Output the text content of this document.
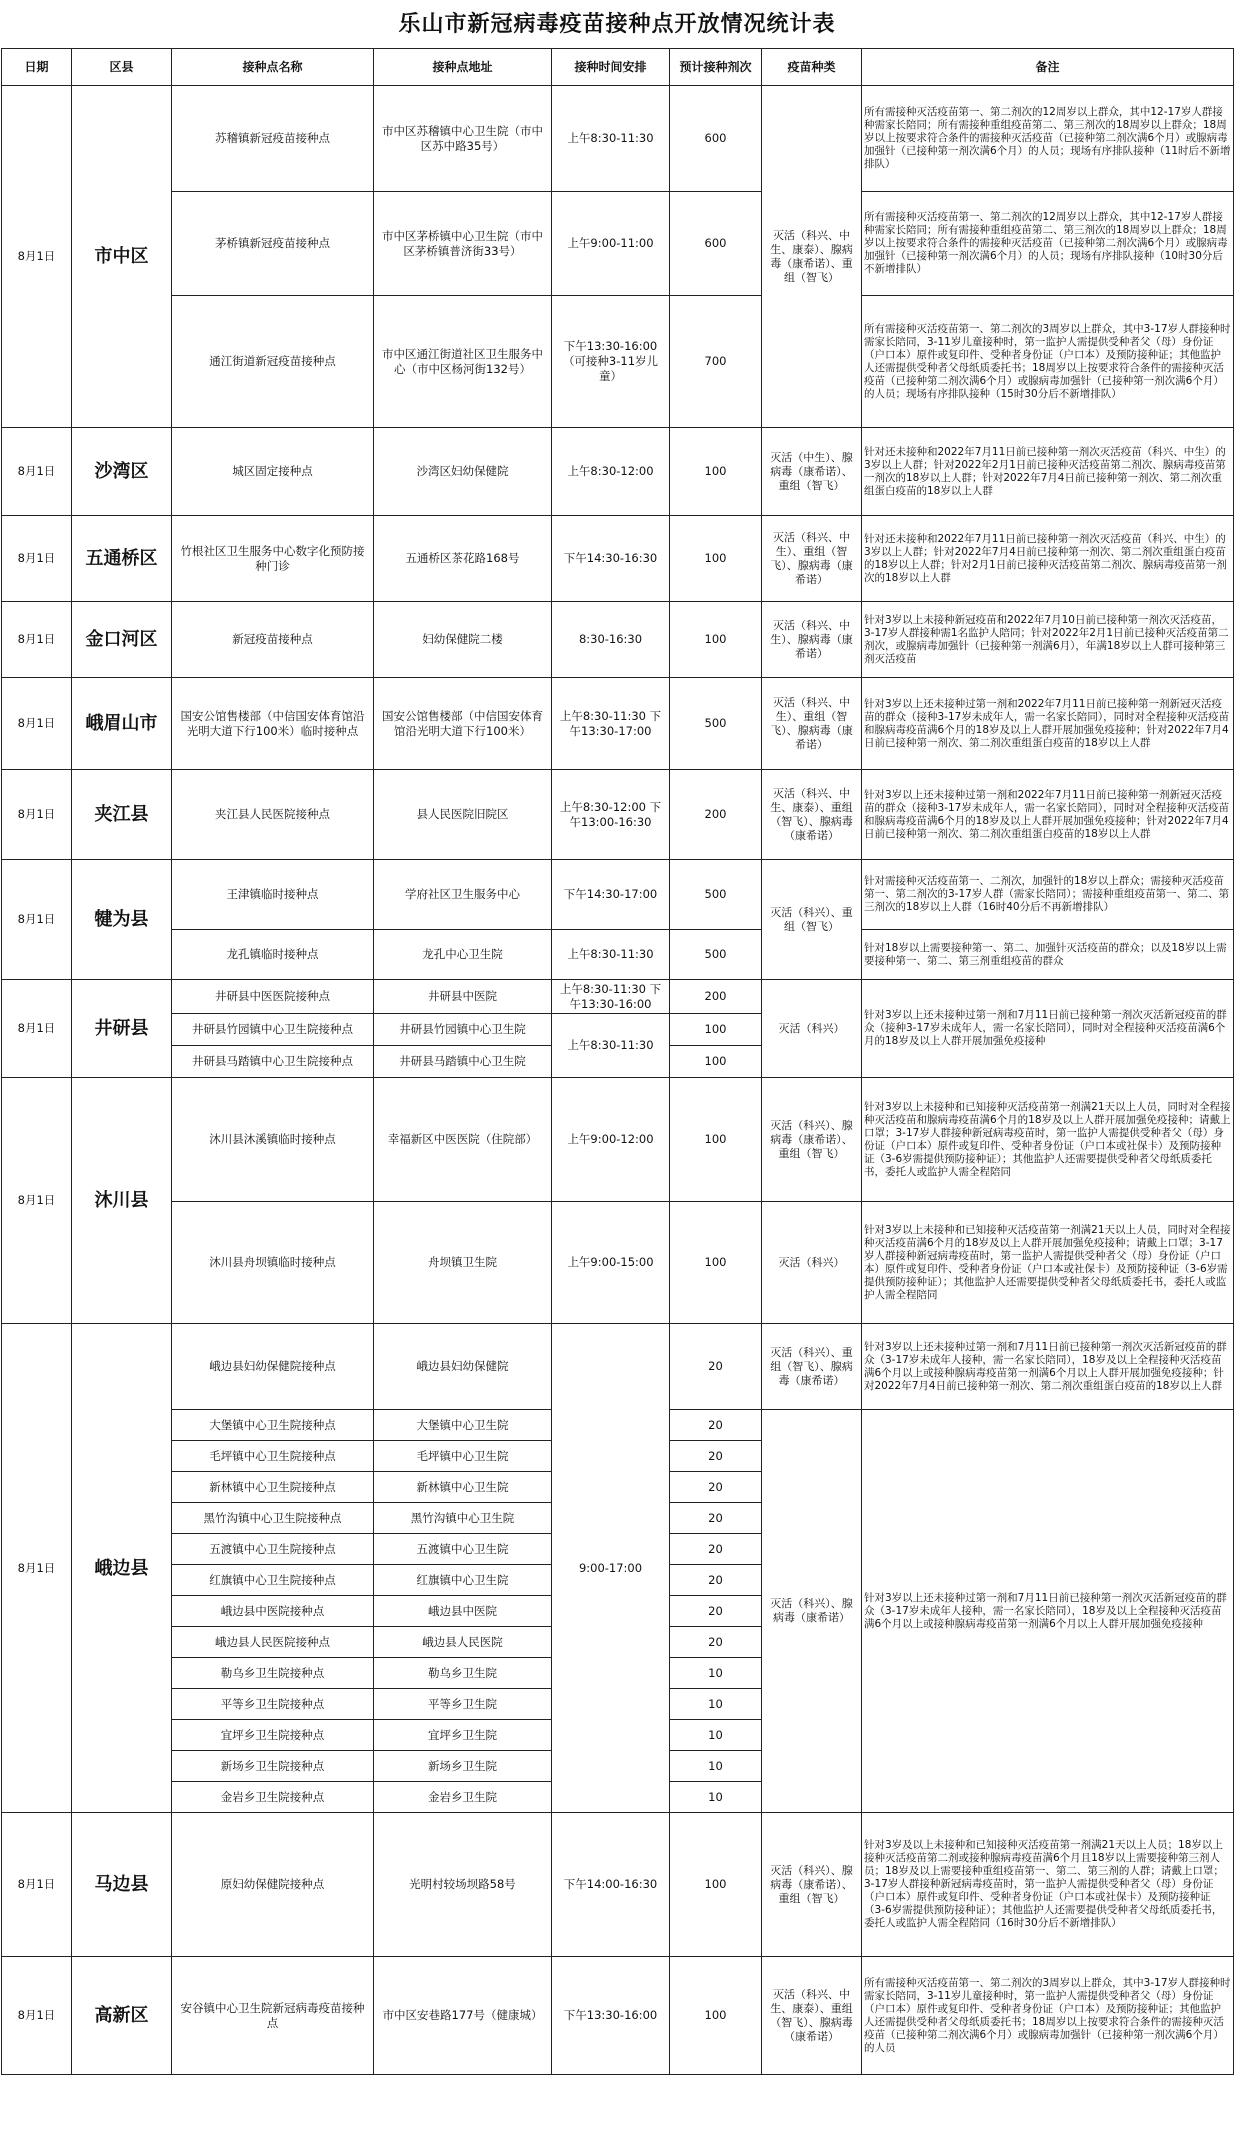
乐山市新冠病毒疫苗接种点开放情况统计表
日期	区县	接种点名称	接种点地址	接种时间安排	预计接种剂次	疫苗种类	备注
8月1日	市中区	苏稽镇新冠疫苗接种点	市中区苏稽镇中心卫生院（市中区苏中路35号）	上午8:30-11:30	600	灭活（科兴、中生、康泰）、腺病毒（康希诺）、重组（智飞）	所有需接种灭活疫苗第一、第二剂次的12周岁以上群众，其中12-17岁人群接种需家长陪同；所有需接种重组疫苗第二、第三剂次的18周岁以上群众；18周岁以上按要求符合条件的需接种灭活疫苗（已接种第二剂次满6个月）或腺病毒加强针（已接种第一剂次满6个月）的人员；现场有序排队接种（11时后不新增排队）
		茅桥镇新冠疫苗接种点	市中区茅桥镇中心卫生院（市中区茅桥镇普济街33号）	上午9:00-11:00	600		所有需接种灭活疫苗第一、第二剂次的12周岁以上群众，其中12-17岁人群接种需家长陪同；所有需接种重组疫苗第二、第三剂次的18周岁以上群众；18周岁以上按要求符合条件的需接种灭活疫苗（已接种第二剂次满6个月）或腺病毒加强针（已接种第一剂次满6个月）的人员；现场有序排队接种（10时30分后不新增排队）
		通江街道新冠疫苗接种点	市中区通江街道社区卫生服务中心（市中区杨河街132号）	下午13:30-16:00（可接种3-11岁儿童）	700		所有需接种灭活疫苗第一、第二剂次的3周岁以上群众，其中3-17岁人群接种时需家长陪同，3-11岁儿童接种时，第一监护人需提供受种者父（母）身份证（户口本）原件或复印件、受种者身份证（户口本）及预防接种证；其他监护人还需提供受种者父母纸质委托书；18周岁以上按要求符合条件的需接种灭活疫苗（已接种第二剂次满6个月）或腺病毒加强针（已接种第一剂次满6个月）的人员；现场有序排队接种（15时30分后不新增排队）
8月1日	沙湾区	城区固定接种点	沙湾区妇幼保健院	上午8:30-12:00	100	灭活（中生）、腺病毒（康希诺）、重组（智飞）	针对还未接种和2022年7月11日前已接种第一剂次灭活疫苗（科兴、中生）的3岁以上人群；针对2022年2月1日前已接种灭活疫苗第二剂次、腺病毒疫苗第一剂次的18岁以上人群；针对2022年7月4日前已接种第一剂次、第二剂次重组蛋白疫苗的18岁以上人群
8月1日	五通桥区	竹根社区卫生服务中心数字化预防接种门诊	五通桥区茶花路168号	下午14:30-16:30	100	灭活（科兴、中生）、重组（智飞）、腺病毒（康希诺）	针对还未接种和2022年7月11日前已接种第一剂次灭活疫苗（科兴、中生）的3岁以上人群；针对2022年7月4日前已接种第一剂次、第二剂次重组蛋白疫苗的18岁以上人群；针对2月1日前已接种灭活疫苗第二剂次、腺病毒疫苗第一剂次的18岁以上人群
8月1日	金口河区	新冠疫苗接种点	妇幼保健院二楼	8:30-16:30	100	灭活（科兴、中生）、腺病毒（康希诺）	针对3岁以上未接种新冠疫苗和2022年7月10日前已接种第一剂次灭活疫苗，3-17岁人群接种需1名监护人陪同；针对2022年2月1日前已接种灭活疫苗第二剂次，或腺病毒加强针（已接种第一剂满6月），年满18岁以上人群可接种第三剂灭活疫苗
8月1日	峨眉山市	国安公馆售楼部（中信国安体育馆沿光明大道下行100米）临时接种点	国安公馆售楼部（中信国安体育馆沿光明大道下行100米）	上午8:30-11:30 下午13:30-17:00	500	灭活（科兴、中生）、重组（智飞）、腺病毒（康希诺）	针对3岁以上还未接种过第一剂和2022年7月11日前已接种第一剂新冠灭活疫苗的群众（接种3-17岁未成年人，需一名家长陪同），同时对全程接种灭活疫苗和腺病毒疫苗满6个月的18岁及以上人群开展加强免疫接种；针对2022年7月4日前已接种第一剂次、第二剂次重组蛋白疫苗的18岁以上人群
8月1日	夹江县	夹江县人民医院接种点	县人民医院旧院区	上午8:30-12:00 下午13:00-16:30	200	灭活（科兴、中生、康泰）、重组（智飞）、腺病毒（康希诺）	针对3岁以上还未接种过第一剂和2022年7月11日前已接种第一剂新冠灭活疫苗的群众（接种3-17岁未成年人，需一名家长陪同），同时对全程接种灭活疫苗和腺病毒疫苗满6个月的18岁及以上人群开展加强免疫接种；针对2022年7月4日前已接种第一剂次、第二剂次重组蛋白疫苗的18岁以上人群
8月1日	犍为县	王津镇临时接种点	学府社区卫生服务中心	下午14:30-17:00	500	灭活（科兴）、重组（智飞）	针对需接种灭活疫苗第一、二剂次，加强针的18岁以上群众；需接种灭活疫苗第一、第二剂次的3-17岁人群（需家长陪同）；需接种重组疫苗第一、第二、第三剂次的18岁以上人群（16时40分后不再新增排队）
		龙孔镇临时接种点	龙孔中心卫生院	上午8:30-11:30	500		针对18岁以上需要接种第一、第二、加强针灭活疫苗的群众；以及18岁以上需要接种第一、第二、第三剂重组疫苗的群众
8月1日	井研县	井研县中医医院接种点	井研县中医院	上午8:30-11:30 下午13:30-16:00	200	灭活（科兴）	针对3岁以上还未接种过第一剂和7月11日前已接种第一剂次灭活新冠疫苗的群众（接种3-17岁未成年人，需一名家长陪同），同时对全程接种灭活疫苗满6个月的18岁及以上人群开展加强免疫接种
		井研县竹园镇中心卫生院接种点	井研县竹园镇中心卫生院	上午8:30-11:30	100		
		井研县马踏镇中心卫生院接种点	井研县马踏镇中心卫生院		100		
8月1日	沐川县	沐川县沐溪镇临时接种点	幸福新区中医医院（住院部）	上午9:00-12:00	100	灭活（科兴）、腺病毒（康希诺）、重组（智飞）	针对3岁以上未接种和已知接种灭活疫苗第一剂满21天以上人员，同时对全程接种灭活疫苗和腺病毒疫苗满6个月的18岁及以上人群开展加强免疫接种；请戴上口罩；3-17岁人群接种新冠病毒疫苗时，第一监护人需提供受种者父（母）身份证（户口本）原件或复印件、受种者身份证（户口本或社保卡）及预防接种证（3-6岁需提供预防接种证）；其他监护人还需要提供受种者父母纸质委托书，委托人或监护人需全程陪同
		沐川县舟坝镇临时接种点	舟坝镇卫生院	上午9:00-15:00	100	灭活（科兴）	针对3岁以上未接种和已知接种灭活疫苗第一剂满21天以上人员，同时对全程接种灭活疫苗满6个月的18岁及以上人群开展加强免疫接种；请戴上口罩；3-17岁人群接种新冠病毒疫苗时，第一监护人需提供受种者父（母）身份证（户口本）原件或复印件、受种者身份证（户口本或社保卡）及预防接种证（3-6岁需提供预防接种证）；其他监护人还需要提供受种者父母纸质委托书，委托人或监护人需全程陪同
8月1日	峨边县	峨边县妇幼保健院接种点	峨边县妇幼保健院	9:00-17:00	20	灭活（科兴）、重组（智飞）、腺病毒（康希诺）	针对3岁以上还未接种过第一剂和7月11日前已接种第一剂次灭活新冠疫苗的群众（3-17岁未成年人接种，需一名家长陪同），18岁及以上全程接种灭活疫苗满6个月以上或接种腺病毒疫苗第一剂满6个月以上人群开展加强免疫接种；针对2022年7月4日前已接种第一剂次、第二剂次重组蛋白疫苗的18岁以上人群
		大堡镇中心卫生院接种点	大堡镇中心卫生院		20	灭活（科兴）、腺病毒（康希诺）	针对3岁以上还未接种过第一剂和7月11日前已接种第一剂次灭活新冠疫苗的群众（3-17岁未成年人接种，需一名家长陪同），18岁及以上全程接种灭活疫苗满6个月以上或接种腺病毒疫苗第一剂满6个月以上人群开展加强免疫接种
		毛坪镇中心卫生院接种点	毛坪镇中心卫生院		20		
		新林镇中心卫生院接种点	新林镇中心卫生院		20		
		黑竹沟镇中心卫生院接种点	黑竹沟镇中心卫生院		20		
		五渡镇中心卫生院接种点	五渡镇中心卫生院		20		
		红旗镇中心卫生院接种点	红旗镇中心卫生院		20		
		峨边县中医院接种点	峨边县中医院		20		
		峨边县人民医院接种点	峨边县人民医院		20		
		勒乌乡卫生院接种点	勒乌乡卫生院		10		
		平等乡卫生院接种点	平等乡卫生院		10		
		宜坪乡卫生院接种点	宜坪乡卫生院		10		
		新场乡卫生院接种点	新场乡卫生院		10		
		金岩乡卫生院接种点	金岩乡卫生院		10		
8月1日	马边县	原妇幼保健院接种点	光明村较场坝路58号	下午14:00-16:30	100	灭活（科兴）、腺病毒（康希诺）、重组（智飞）	针对3岁及以上未接种和已知接种灭活疫苗第一剂满21天以上人员；18岁以上接种灭活疫苗第二剂或接种腺病毒疫苗满6个月且18岁以上需要接种第三剂人员；18岁及以上需要接种重组疫苗第一、第二、第三剂的人群；请戴上口罩；3-17岁人群接种新冠病毒疫苗时，第一监护人需提供受种者父（母）身份证（户口本）原件或复印件、受种者身份证（户口本或社保卡）及预防接种证（3-6岁需提供预防接种证）；其他监护人还需要提供受种者父母纸质委托书，委托人或监护人需全程陪同（16时30分后不新增排队）
8月1日	高新区	安谷镇中心卫生院新冠病毒疫苗接种点	市中区安巷路177号（健康城）	下午13:30-16:00	100	灭活（科兴、中生、康泰）、重组（智飞）、腺病毒（康希诺）	所有需接种灭活疫苗第一、第二剂次的3周岁以上群众，其中3-17岁人群接种时需家长陪同，3-11岁儿童接种时，第一监护人需提供受种者父（母）身份证（户口本）原件或复印件、受种者身份证（户口本）及预防接种证；其他监护人还需提供受种者父母纸质委托书；18周岁以上按要求符合条件的需接种灭活疫苗（已接种第二剂次满6个月）或腺病毒加强针（已接种第一剂次满6个月）的人员
